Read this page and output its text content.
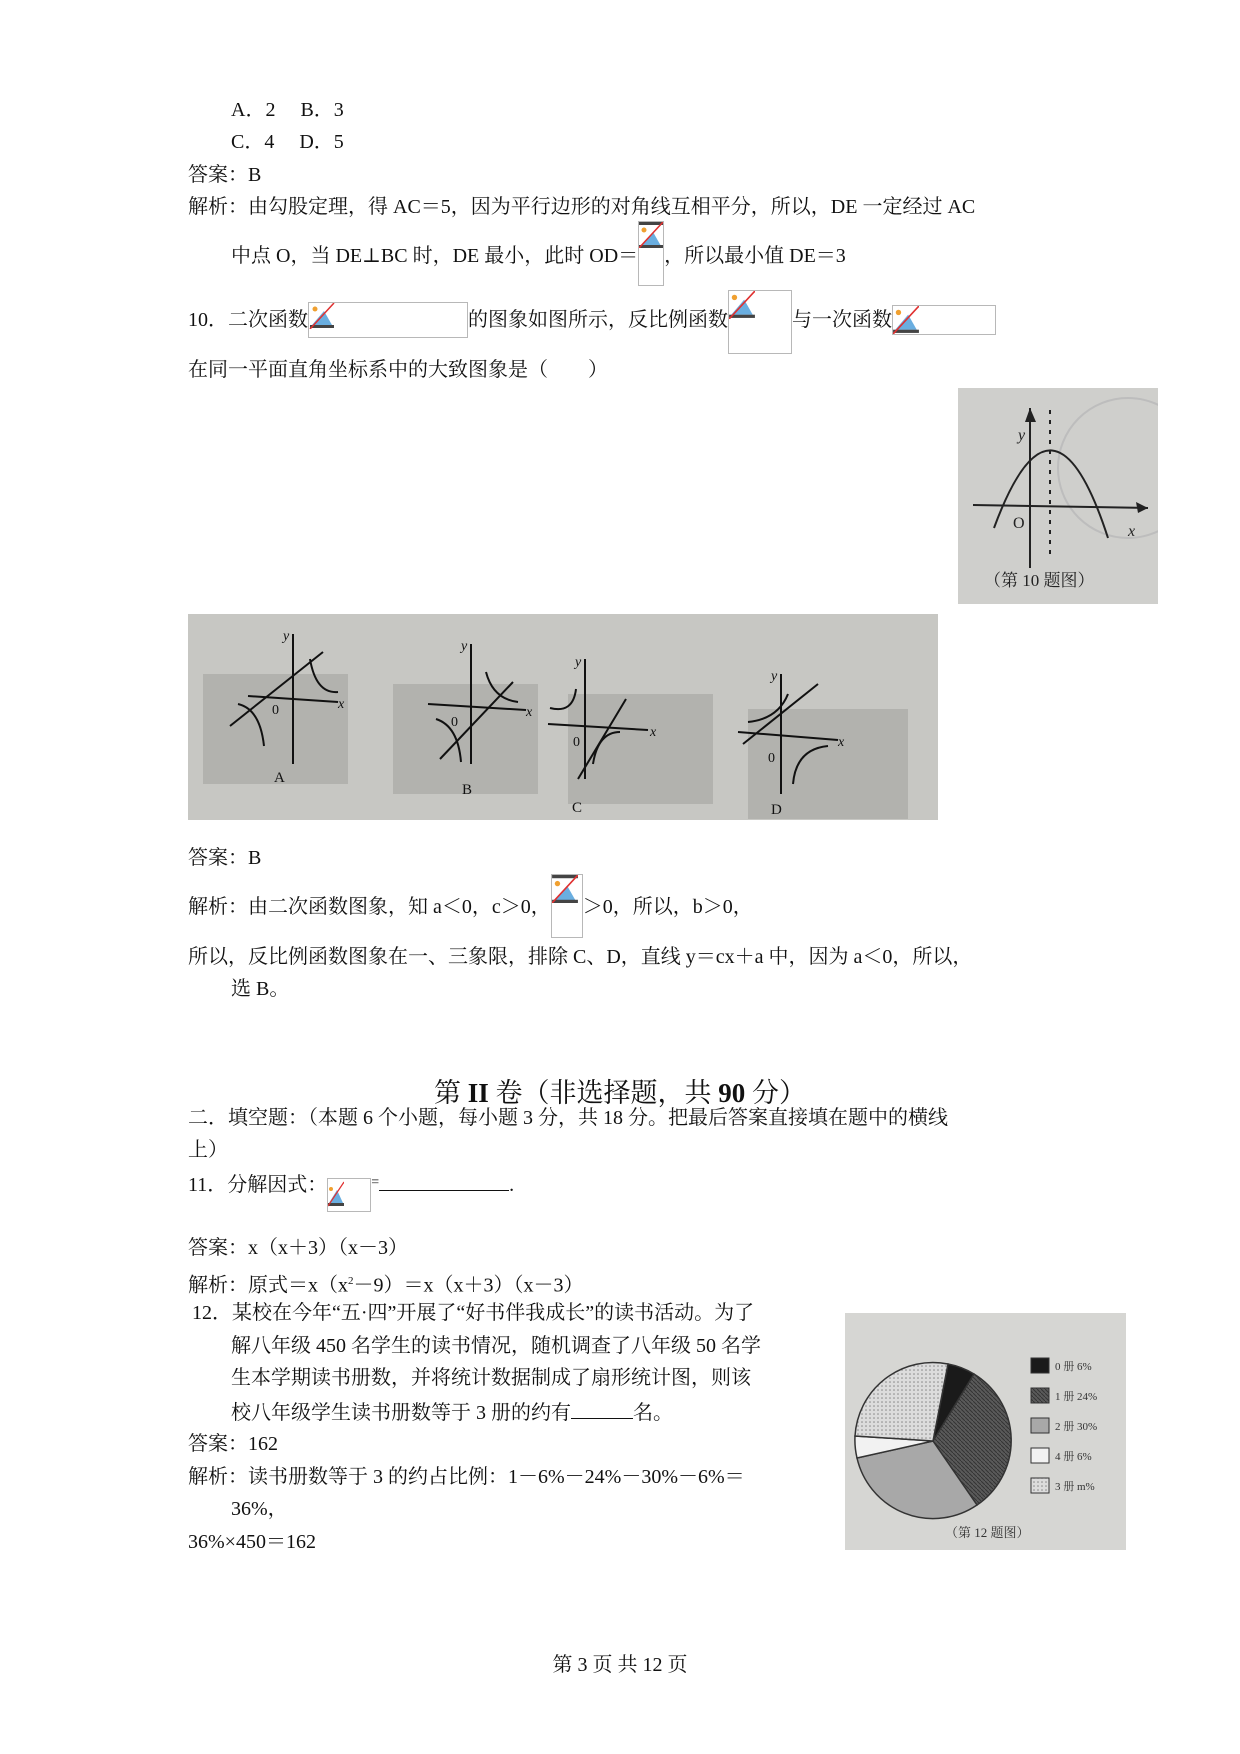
A．2　 B．3
C．4　 D．5
答案：B
解析：由勾股定理，得 AC＝5，因为平行边形的对角线互相平分，所以，DE 一定经过 AC
中点 O，当 DE⊥BC 时，DE 最小，此时 OD＝ ，所以最小值 DE＝3
10．二次函数	的图象如图所示，反比例函数	与一次函数
在同一平面直角坐标系中的大致图象是（　　）
y
x
O
（第 10 题图）
y
x
0
A
y
x
0
B
y
x
0
C
y
x
0
D
答案：B
解析：由二次函数图象，知 a＜0，c＞0， ＞0，所以，b＞0，
所以，反比例函数图象在一、三象限，排除 C、D，直线 y＝cx＋a 中，因为 a＜0，所以，
选 B。
第 II 卷（非选择题，共 90 分）
二．填空题：（本题 6 个小题，每小题 3 分，共 18 分。把最后答案直接填在题中的横线
上）
11．分解因式：	=	.
答案：x（x＋3）（x－3）
解析：原式$=x(x^2-9)=x(x+3)(x-3)$
12．某校在今年“五·四”开展了“好书伴我成长”的读书活动。为了
解八年级 450 名学生的读书情况，随机调查了八年级 50 名学
生本学期读书册数，并将统计数据制成了扇形统计图，则该
校八年级学生读书册数等于 3 册的约有	名。
答案：162
解析：读书册数等于 3 的约占比例：1－6%－24%－30%－6%＝
36%，
36%×450＝162
0 册 6%
1 册 24%
2 册 30%
4 册 6%
3 册 m%
（第 12 题图）
第 3 页 共 12 页
